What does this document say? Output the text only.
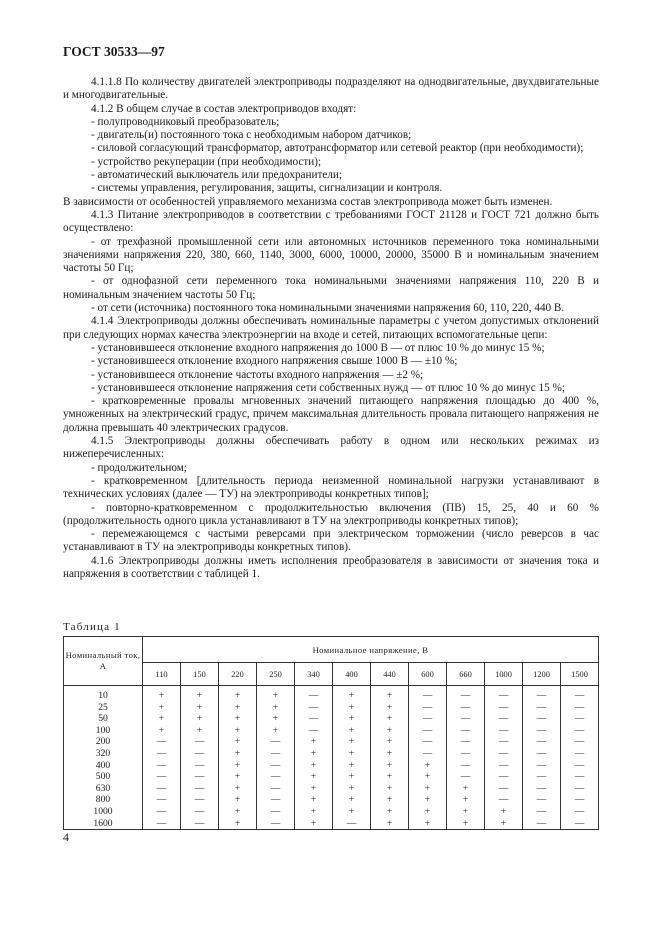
ГОСТ 30533—97

4.1.1.8 По количеству двигателей электроприводы подразделяют на однодвигательные, двухдвигательные и многодвигательные.

4.1.2 В общем случае в состав электроприводов входят:

- полупроводниковый преобразователь;

- двигатель(и) постоянного тока с необходимым набором датчиков;

- силовой согласующий трансформатор, автотрансформатор или сетевой реактор (при необходимости);

- устройство рекуперации (при необходимости);

- автоматический выключатель или предохранители;

- системы управления, регулирования, защиты, сигнализации и контроля.

В зависимости от особенностей управляемого механизма состав электропривода может быть изменен.

4.1.3 Питание электроприводов в соответствии с требованиями ГОСТ 21128 и ГОСТ 721 должно быть осуществлено:

- от трехфазной промышленной сети или автономных источников переменного тока номинальными значениями напряжения 220, 380, 660, 1140, 3000, 6000, 10000, 20000, 35000 В и номинальным значением частоты 50 Гц;

- от однофазной сети переменного тока номинальными значениями напряжения 110, 220 В и номинальным значением частоты 50 Гц;

- от сети (источника) постоянного тока номинальными значениями напряжения 60, 110, 220, 440 В.

4.1.4 Электроприводы должны обеспечивать номинальные параметры с учетом допустимых отклонений при следующих нормах качества электроэнергии на входе и сетей, питающих вспомогательные цепи:

- установившееся отклонение входного напряжения до 1000 В — от плюс 10 % до минус 15 %;

- установившееся отклонение входного напряжения свыше 1000 В — ±10 %;

- установившееся отклонение частоты входного напряжения — ±2 %;

- установившееся отклонение напряжения сети собственных нужд — от плюс 10 % до минус 15 %;

- кратковременные провалы мгновенных значений питающего напряжения площадью до 400 %, умноженных на электрический градус, причем максимальная длительность провала питающего напряжения не должна превышать 40 электрических градусов.

4.1.5 Электроприводы должны обеспечивать работу в одном или нескольких режимах из нижеперечисленных:

- продолжительном;

- кратковременном [длительность периода неизменной номинальной нагрузки устанавливают в технических условиях (далее — ТУ) на электроприводы конкретных типов];

- повторно-кратковременном с продолжительностью включения (ПВ) 15, 25, 40 и 60 % (продолжительность одного цикла устанавливают в ТУ на электроприводы конкретных типов);

- перемежающемся с частыми реверсами при электрическом торможении (число реверсов в час устанавливают в ТУ на электроприводы конкретных типов).

4.1.6 Электроприводы должны иметь исполнения преобразователя в зависимости от значения тока и напряжения в соответствии с таблицей 1.

Таблица 1
Номинальный ток, А	Номинальное напряжение, В											
	110	150	220	250	340	400	440	600	660	1000	1200	1500
10	+	+	+	+	—	+	+	—	—	—	—	—
25	+	+	+	+	—	+	+	—	—	—	—	—
50	+	+	+	+	—	+	+	—	—	—	—	—
100	+	+	+	+	—	+	+	—	—	—	—	—
200	—	—	+	—	+	+	+	—	—	—	—	—
320	—	—	+	—	+	+	+	—	—	—	—	—
400	—	—	+	—	+	+	+	+	—	—	—	—
500	—	—	+	—	+	+	+	+	—	—	—	—
630	—	—	+	—	+	+	+	+	+	—	—	—
800	—	—	+	—	+	+	+	+	+	—	—	—
1000	—	—	+	—	+	+	+	+	+	+	—	—
1600	—	—	+	—	+	—	+	+	+	+	—	—
4
